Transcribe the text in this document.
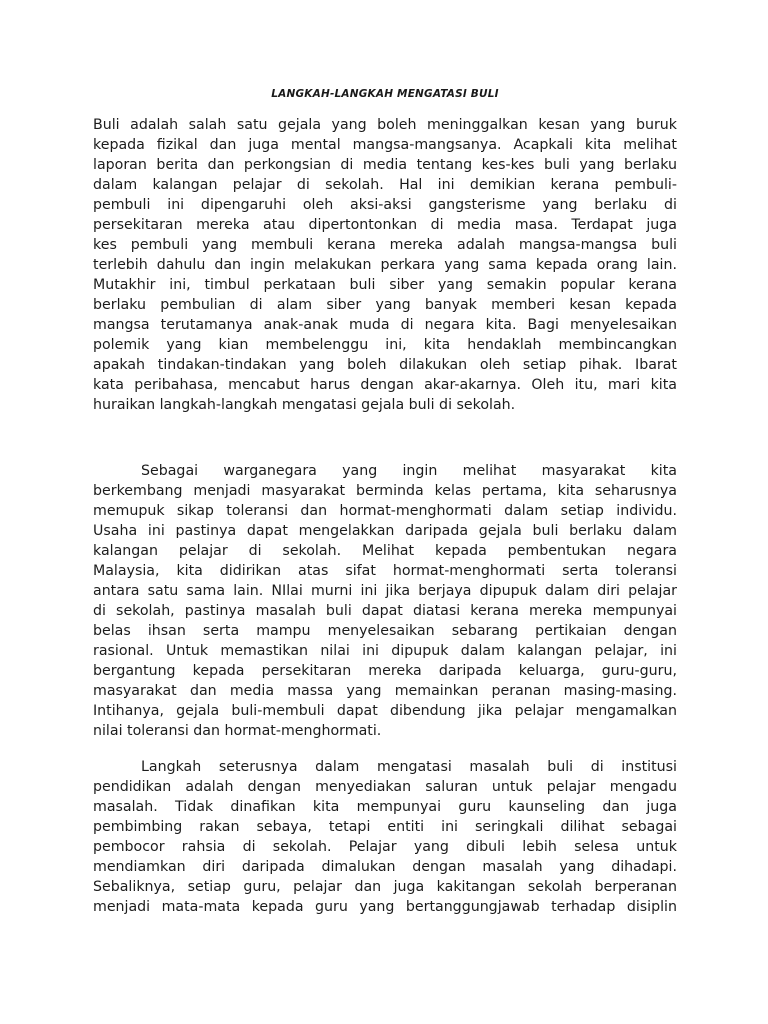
LANGKAH-LANGKAH MENGATASI BULI
Buli adalah salah satu gejala yang boleh meninggalkan kesan yang buruk
kepada fizikal dan juga mental mangsa-mangsanya. Acapkali kita melihat
laporan berita dan perkongsian di media tentang kes-kes buli yang berlaku
dalam kalangan pelajar di sekolah. Hal ini demikian kerana pembuli-
pembuli ini dipengaruhi oleh aksi-aksi gangsterisme yang berlaku di
persekitaran mereka atau dipertontonkan di media masa. Terdapat juga
kes pembuli yang membuli kerana mereka adalah mangsa-mangsa buli
terlebih dahulu dan ingin melakukan perkara yang sama kepada orang lain.
Mutakhir ini, timbul perkataan buli siber yang semakin popular kerana
berlaku pembulian di alam siber yang banyak memberi kesan kepada
mangsa terutamanya anak-anak muda di negara kita. Bagi menyelesaikan
polemik yang kian membelenggu ini, kita hendaklah membincangkan
apakah tindakan-tindakan yang boleh dilakukan oleh setiap pihak. Ibarat
kata peribahasa, mencabut harus dengan akar-akarnya. Oleh itu, mari kita
huraikan langkah-langkah mengatasi gejala buli di sekolah.
Sebagai warganegara yang ingin melihat masyarakat kita
berkembang menjadi masyarakat berminda kelas pertama, kita seharusnya
memupuk sikap toleransi dan hormat-menghormati dalam setiap individu.
Usaha ini pastinya dapat mengelakkan daripada gejala buli berlaku dalam
kalangan pelajar di sekolah. Melihat kepada pembentukan negara
Malaysia, kita didirikan atas sifat hormat-menghormati serta toleransi
antara satu sama lain. NIlai murni ini jika berjaya dipupuk dalam diri pelajar
di sekolah, pastinya masalah buli dapat diatasi kerana mereka mempunyai
belas ihsan serta mampu menyelesaikan sebarang pertikaian dengan
rasional. Untuk memastikan nilai ini dipupuk dalam kalangan pelajar, ini
bergantung kepada persekitaran mereka daripada keluarga, guru-guru,
masyarakat dan media massa yang memainkan peranan masing-masing.
Intihanya, gejala buli-membuli dapat dibendung jika pelajar mengamalkan
nilai toleransi dan hormat-menghormati.
Langkah seterusnya dalam mengatasi masalah buli di institusi
pendidikan adalah dengan menyediakan saluran untuk pelajar mengadu
masalah. Tidak dinafikan kita mempunyai guru kaunseling dan juga
pembimbing rakan sebaya, tetapi entiti ini seringkali dilihat sebagai
pembocor rahsia di sekolah. Pelajar yang dibuli lebih selesa untuk
mendiamkan diri daripada dimalukan dengan masalah yang dihadapi.
Sebaliknya, setiap guru, pelajar dan juga kakitangan sekolah berperanan
menjadi mata-mata kepada guru yang bertanggungjawab terhadap disiplin
